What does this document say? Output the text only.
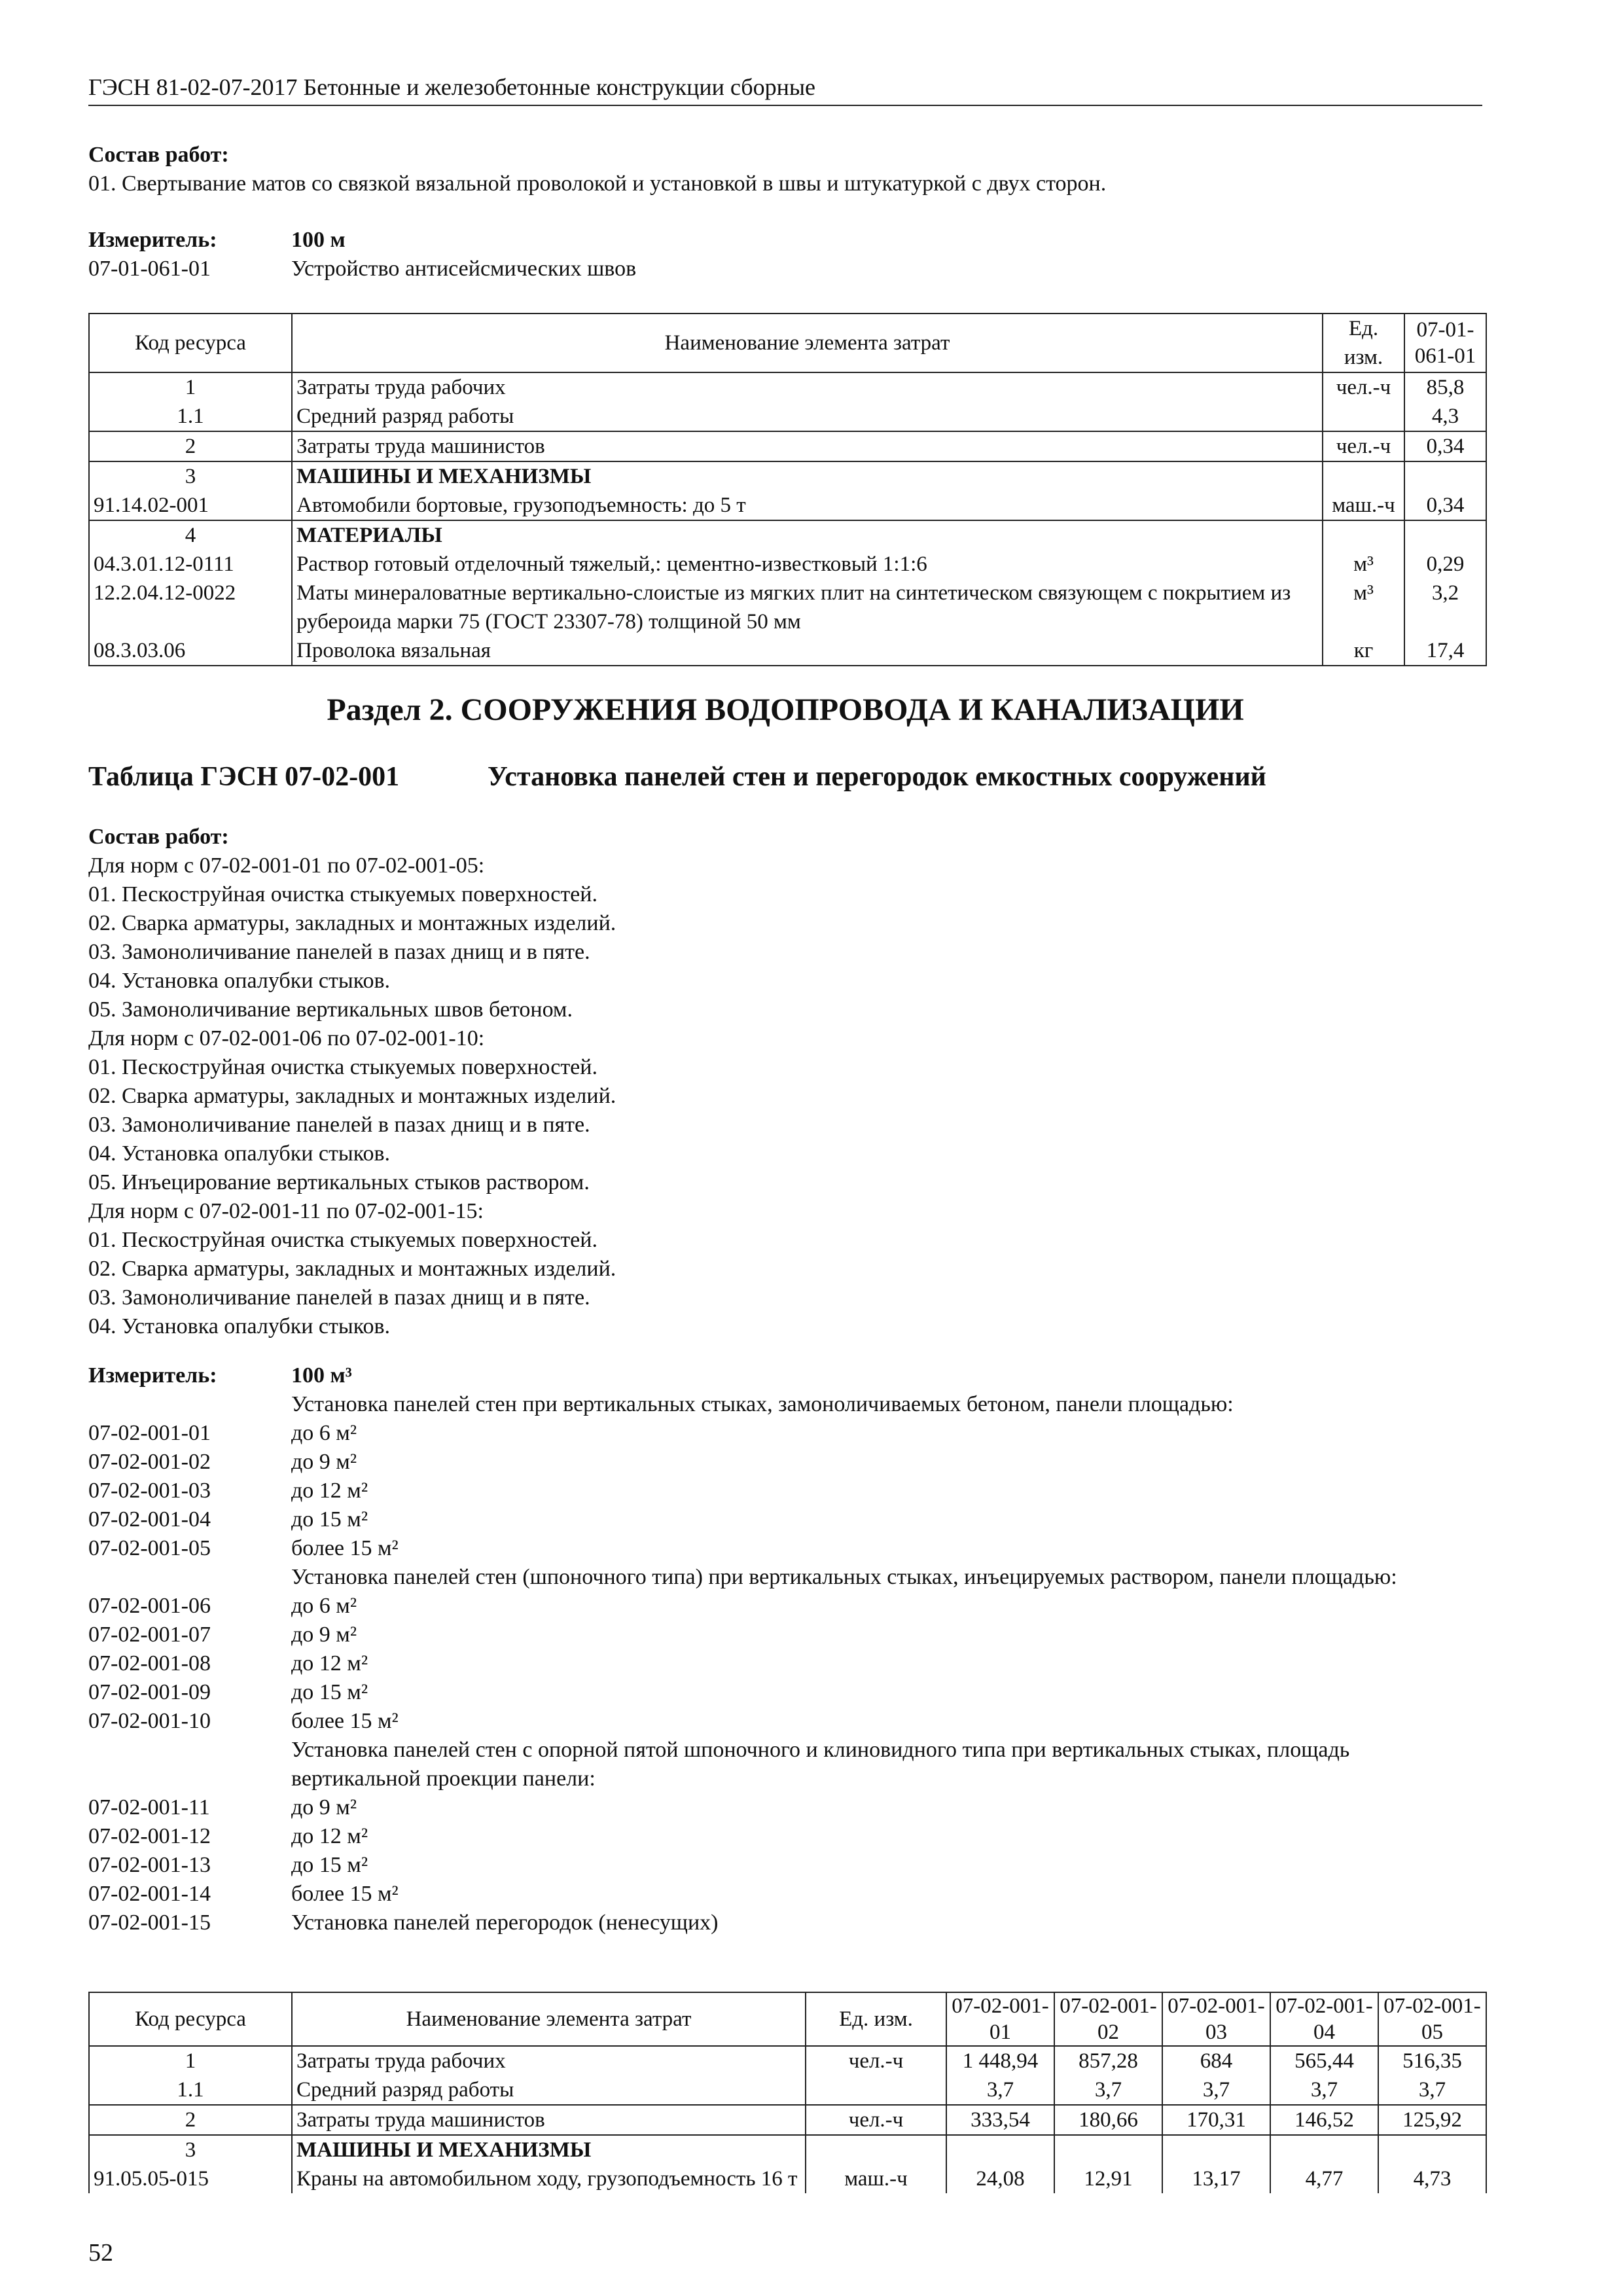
ГЭСН 81-02-07-2017 Бетонные и железобетонные конструкции сборные
Состав работ:
01. Свертывание матов со связкой вязальной проволокой и установкой в швы и штукатуркой с двух сторон.
Измеритель:	100 м
07-01-061-01	Устройство антисейсмических швов
Код ресурса	Наименование элемента затрат	Ед. изм.	07-01-061-01
1	Затраты труда рабочих	чел.-ч	85,8
1.1	Средний разряд работы		4,3
2	Затраты труда машинистов	чел.-ч	0,34
3	МАШИНЫ И МЕХАНИЗМЫ		
91.14.02-001	Автомобили бортовые, грузоподъемность: до 5 т	маш.-ч	0,34
4	МАТЕРИАЛЫ		
04.3.01.12-0111	Раствор готовый отделочный тяжелый,: цементно-известковый 1:1:6	м³	0,29
12.2.04.12-0022	Маты минераловатные вертикально-слоистые из мягких плит на синтетическом связующем с покрытием из рубероида марки 75 (ГОСТ 23307-78) толщиной 50 мм	м³	3,2
08.3.03.06	Проволока вязальная	кг	17,4
Раздел 2. СООРУЖЕНИЯ ВОДОПРОВОДА И КАНАЛИЗАЦИИ
Таблица ГЭСН 07-02-001	Установка панелей стен и перегородок емкостных сооружений
Состав работ:
Для норм с 07-02-001-01 по 07-02-001-05:
01. Пескоструйная очистка стыкуемых поверхностей.
02. Сварка арматуры, закладных и монтажных изделий.
03. Замоноличивание панелей в пазах днищ и в пяте.
04. Установка опалубки стыков.
05. Замоноличивание вертикальных швов бетоном.
Для норм с 07-02-001-06 по 07-02-001-10:
01. Пескоструйная очистка стыкуемых поверхностей.
02. Сварка арматуры, закладных и монтажных изделий.
03. Замоноличивание панелей в пазах днищ и в пяте.
04. Установка опалубки стыков.
05. Инъецирование вертикальных стыков раствором.
Для норм с 07-02-001-11 по 07-02-001-15:
01. Пескоструйная очистка стыкуемых поверхностей.
02. Сварка арматуры, закладных и монтажных изделий.
03. Замоноличивание панелей в пазах днищ и в пяте.
04. Установка опалубки стыков.
Измеритель:	100 м³
Установка панелей стен при вертикальных стыках, замоноличиваемых бетоном, панели площадью:
07-02-001-01	до 6 м²
07-02-001-02	до 9 м²
07-02-001-03	до 12 м²
07-02-001-04	до 15 м²
07-02-001-05	более 15 м²
Установка панелей стен (шпоночного типа) при вертикальных стыках, инъецируемых раствором, панели площадью:
07-02-001-06	до 6 м²
07-02-001-07	до 9 м²
07-02-001-08	до 12 м²
07-02-001-09	до 15 м²
07-02-001-10	более 15 м²
Установка панелей стен с опорной пятой шпоночного и клиновидного типа при вертикальных стыках, площадь вертикальной проекции панели:
07-02-001-11	до 9 м²
07-02-001-12	до 12 м²
07-02-001-13	до 15 м²
07-02-001-14	более 15 м²
07-02-001-15	Установка панелей перегородок (ненесущих)
Код ресурса	Наименование элемента затрат	Ед. изм.	07-02-001-01	07-02-001-02	07-02-001-03	07-02-001-04	07-02-001-05
1	Затраты труда рабочих	чел.-ч	1 448,94	857,28	684	565,44	516,35
1.1	Средний разряд работы		3,7	3,7	3,7	3,7	3,7
2	Затраты труда машинистов	чел.-ч	333,54	180,66	170,31	146,52	125,92
3	МАШИНЫ И МЕХАНИЗМЫ						
91.05.05-015	Краны на автомобильном ходу, грузоподъемность 16 т	маш.-ч	24,08	12,91	13,17	4,77	4,73
52
